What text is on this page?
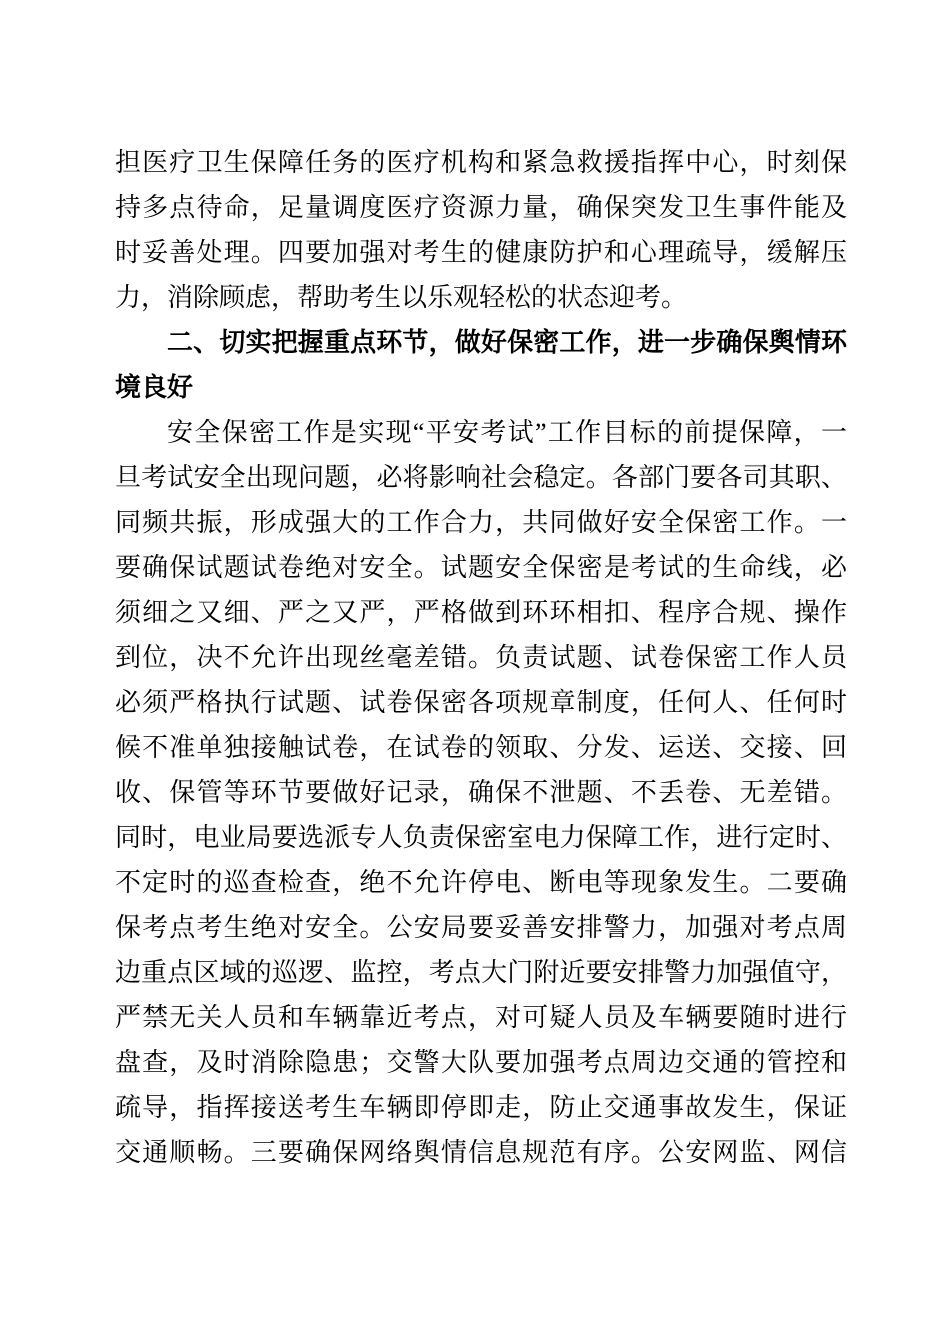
担医疗卫生保障任务的医疗机构和紧急救援指挥中心，时刻保
持多点待命，足量调度医疗资源力量，确保突发卫生事件能及
时妥善处理。四要加强对考生的健康防护和心理疏导，缓解压
力，消除顾虑，帮助考生以乐观轻松的状态迎考。
二、切实把握重点环节，做好保密工作，进一步确保舆情环
境良好
安全保密工作是实现“平安考试”工作目标的前提保障，一
旦考试安全出现问题，必将影响社会稳定。各部门要各司其职、
同频共振，形成强大的工作合力，共同做好安全保密工作。一
要确保试题试卷绝对安全。试题安全保密是考试的生命线，必
须细之又细、严之又严，严格做到环环相扣、程序合规、操作
到位，决不允许出现丝毫差错。负责试题、试卷保密工作人员
必须严格执行试题、试卷保密各项规章制度，任何人、任何时
候不准单独接触试卷，在试卷的领取、分发、运送、交接、回
收、保管等环节要做好记录，确保不泄题、不丢卷、无差错。
同时，电业局要选派专人负责保密室电力保障工作，进行定时、
不定时的巡查检查，绝不允许停电、断电等现象发生。二要确
保考点考生绝对安全。公安局要妥善安排警力，加强对考点周
边重点区域的巡逻、监控，考点大门附近要安排警力加强值守，
严禁无关人员和车辆靠近考点，对可疑人员及车辆要随时进行
盘查，及时消除隐患；交警大队要加强考点周边交通的管控和
疏导，指挥接送考生车辆即停即走，防止交通事故发生，保证
交通顺畅。三要确保网络舆情信息规范有序。公安网监、网信
